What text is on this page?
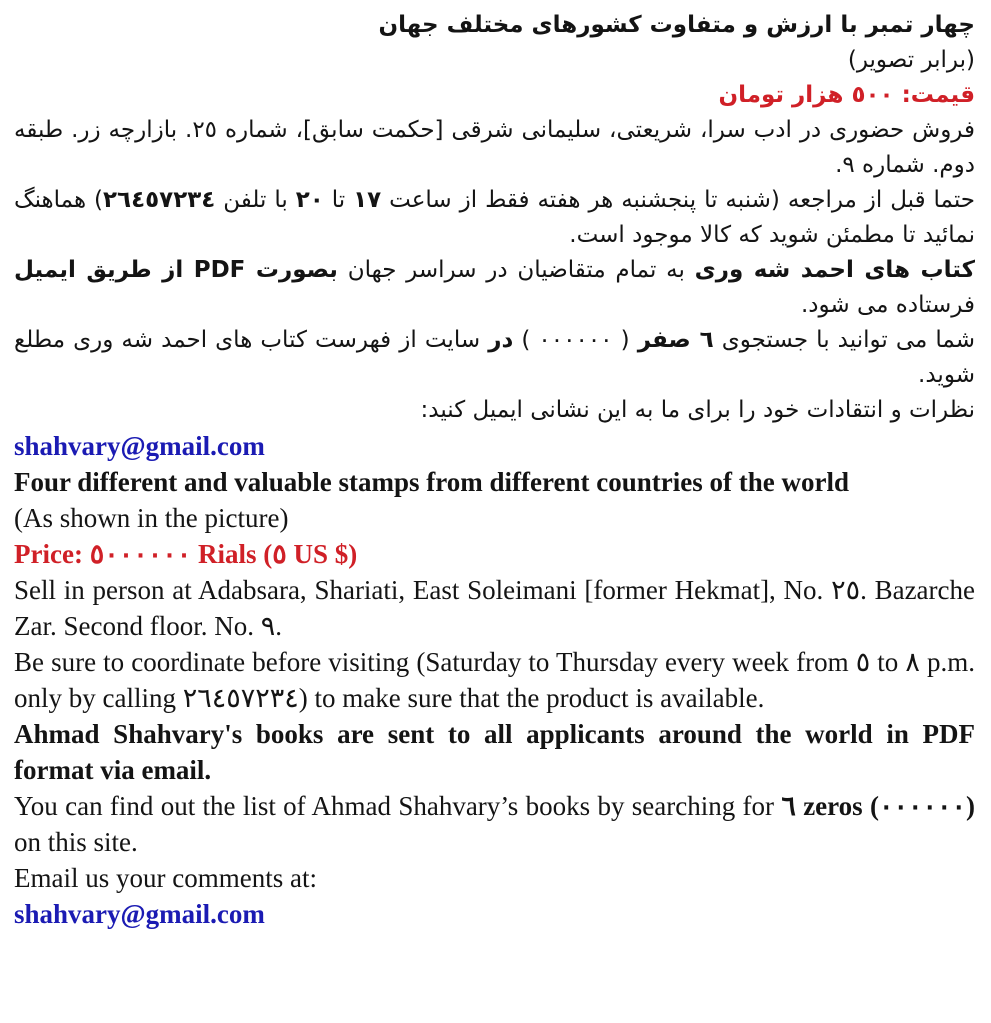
چهار تمبر با ارزش و متفاوت کشورهای مختلف جهان

(برابر تصویر)

قیمت: ٥٠٠ هزار تومان

فروش حضوری در ادب سرا، شریعتی، سلیمانی شرقی [حکمت سابق]، شماره ٢٥. بازارچه زر. طبقه دوم. شماره ٩.

حتما قبل از مراجعه (شنبه تا پنجشنبه هر هفته فقط از ساعت ١٧ تا ٢٠ با تلفن ٢٦٤٥٧٢٣٤) هماهنگ نمائید تا مطمئن شوید که کالا موجود است.

کتاب های احمد شه وری به تمام متقاضیان در سراسر جهان بصورت PDF از طریق ایمیل فرستاده می شود.

شما می توانید با جستجوی ٦ صفر ( ٠٠٠٠٠٠ ) در سایت از فهرست کتاب های احمد شه وری مطلع شوید.

نظرات و انتقادات خود را برای ما به این نشانی ایمیل کنید:

shahvary@gmail.com

Four different and valuable stamps from different countries of the world

(As shown in the picture)

Price: ٥٠٠٠٠٠٠ Rials (٥ US $)

Sell in person at Adabsara, Shariati, East Soleimani [former Hekmat], No. ٢٥. Bazarche Zar. Second floor. No. ٩.

Be sure to coordinate before visiting (Saturday to Thursday every week from ٥ to ٨ p.m. only by calling ٢٦٤٥٧٢٣٤) to make sure that the product is available.

Ahmad Shahvary's books are sent to all applicants around the world in PDF format via email.

You can find out the list of Ahmad Shahvary’s books by searching for ٦ zeros (٠٠٠٠٠٠) on this site.

Email us your comments at:

shahvary@gmail.com
